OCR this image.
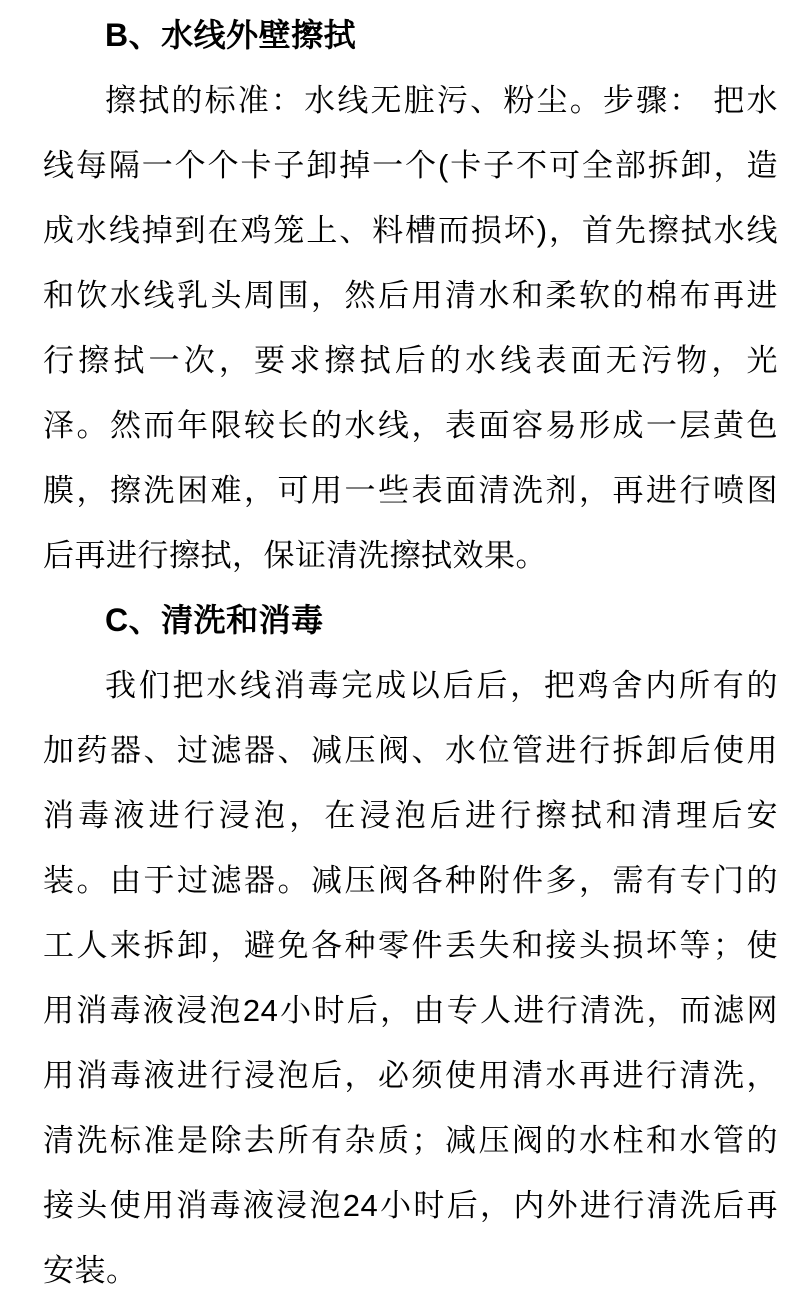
B、水线外壁擦拭
擦拭的标准：水线无脏污、粉尘。步骤： 把水
线每隔一个个卡子卸掉一个(卡子不可全部拆卸，造
成水线掉到在鸡笼上、料槽而损坏)，首先擦拭水线
和饮水线乳头周围，然后用清水和柔软的棉布再进
行擦拭一次，要求擦拭后的水线表面无污物，光
泽。然而年限较长的水线，表面容易形成一层黄色
膜，擦洗困难，可用一些表面清洗剂，再进行喷图
后再进行擦拭，保证清洗擦拭效果。
C、清洗和消毒
我们把水线消毒完成以后后，把鸡舍内所有的
加药器、过滤器、减压阀、水位管进行拆卸后使用
消毒液进行浸泡，在浸泡后进行擦拭和清理后安
装。由于过滤器。减压阀各种附件多，需有专门的
工人来拆卸，避免各种零件丢失和接头损坏等；使
用消毒液浸泡24小时后，由专人进行清洗，而滤网
用消毒液进行浸泡后，必须使用清水再进行清洗，
清洗标准是除去所有杂质；减压阀的水柱和水管的
接头使用消毒液浸泡24小时后，内外进行清洗后再
安装。
